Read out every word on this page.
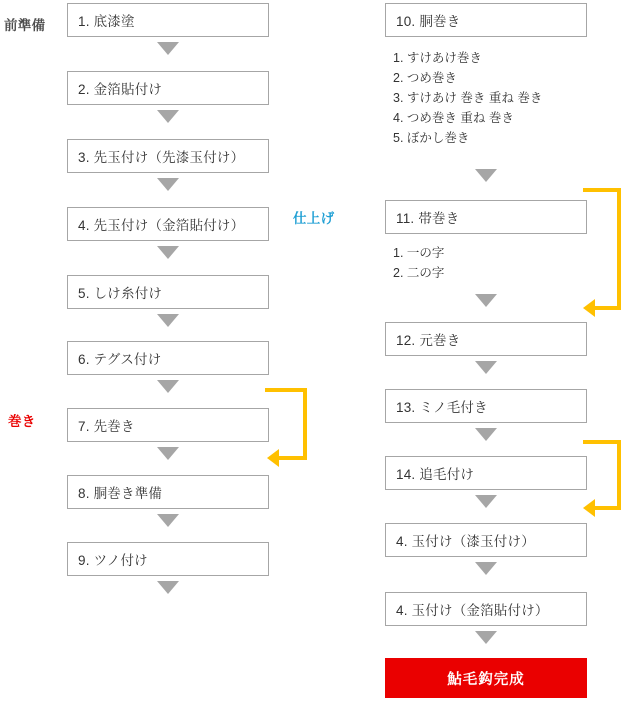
前準備
巻き
仕上げ
1. 底漆塗
2. 金箔貼付け
3. 先玉付け（先漆玉付け）
4. 先玉付け（金箔貼付け）
5. しけ糸付け
6. テグス付け
7. 先巻き
8. 胴巻き準備
9. ツノ付け
10. 胴巻き
1. すけあけ巻き
2. つめ巻き
3. すけあけ 巻き 重ね 巻き
4. つめ巻き 重ね 巻き
5. ぼかし巻き
11. 帯巻き
1. 一の字
2. 二の字
12. 元巻き
13. ミノ毛付き
14. 追毛付け
4. 玉付け（漆玉付け）
4. 玉付け（金箔貼付け）
鮎毛鈎完成
